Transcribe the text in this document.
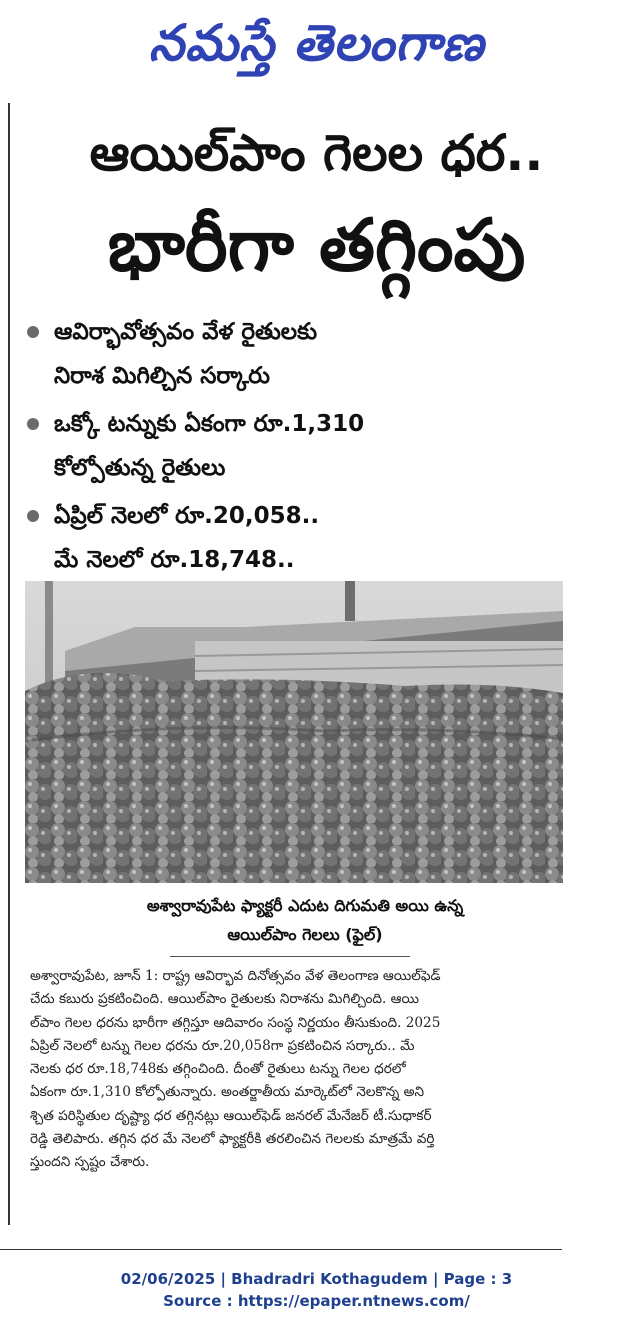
నమస్తే తెలంగాణ
ఆయిల్‌పాం గెలల ధర..
భారీగా తగ్గింపు
ఆవిర్భావోత్సవం వేళ రైతులకు
నిరాశ మిగిల్చిన సర్కారు
ఒక్కో టన్నుకు ఏకంగా రూ.1,310
కోల్పోతున్న రైతులు
ఏప్రిల్ నెలలో రూ.20,058..
మే నెలలో రూ.18,748..
అశ్వారావుపేట ఫ్యాక్టరీ ఎదుట దిగుమతి అయి ఉన్న
ఆయిల్‌పాం గెలలు (ఫైల్)
అశ్వారావుపేట, జూన్ 1: రాష్ట్ర ఆవిర్భావ దినోత్సవం వేళ తెలంగాణ ఆయిల్‌ఫెడ్
చేదు కబురు ప్రకటించింది. ఆయిల్‌పాం రైతులకు నిరాశను మిగిల్చింది. ఆయి
ల్‌పాం గెలల ధరను భారీగా తగ్గిస్తూ ఆదివారం సంస్థ నిర్ణయం తీసుకుంది. 2025
ఏప్రిల్ నెలలో టన్ను గెలల ధరను రూ.20,058గా ప్రకటించిన సర్కారు.. మే
నెలకు ధర రూ.18,748కు తగ్గించింది. దీంతో రైతులు టన్ను గెలల ధరలో
ఏకంగా రూ.1,310 కోల్పోతున్నారు. అంతర్జాతీయ మార్కెట్‌లో నెలకొన్న అని
శ్చిత పరిస్థితుల దృష్ట్యా ధర తగ్గినట్లు ఆయిల్‌ఫెడ్ జనరల్ మేనేజర్ టీ.సుధాకర్
రెడ్డి తెలిపారు. తగ్గిన ధర మే నెలలో ఫ్యాక్టరీకి తరలించిన గెలలకు మాత్రమే వర్తి
స్తుందని స్పష్టం చేశారు.
02/06/2025 | Bhadradri Kothagudem | Page : 3
Source : https://epaper.ntnews.com/
